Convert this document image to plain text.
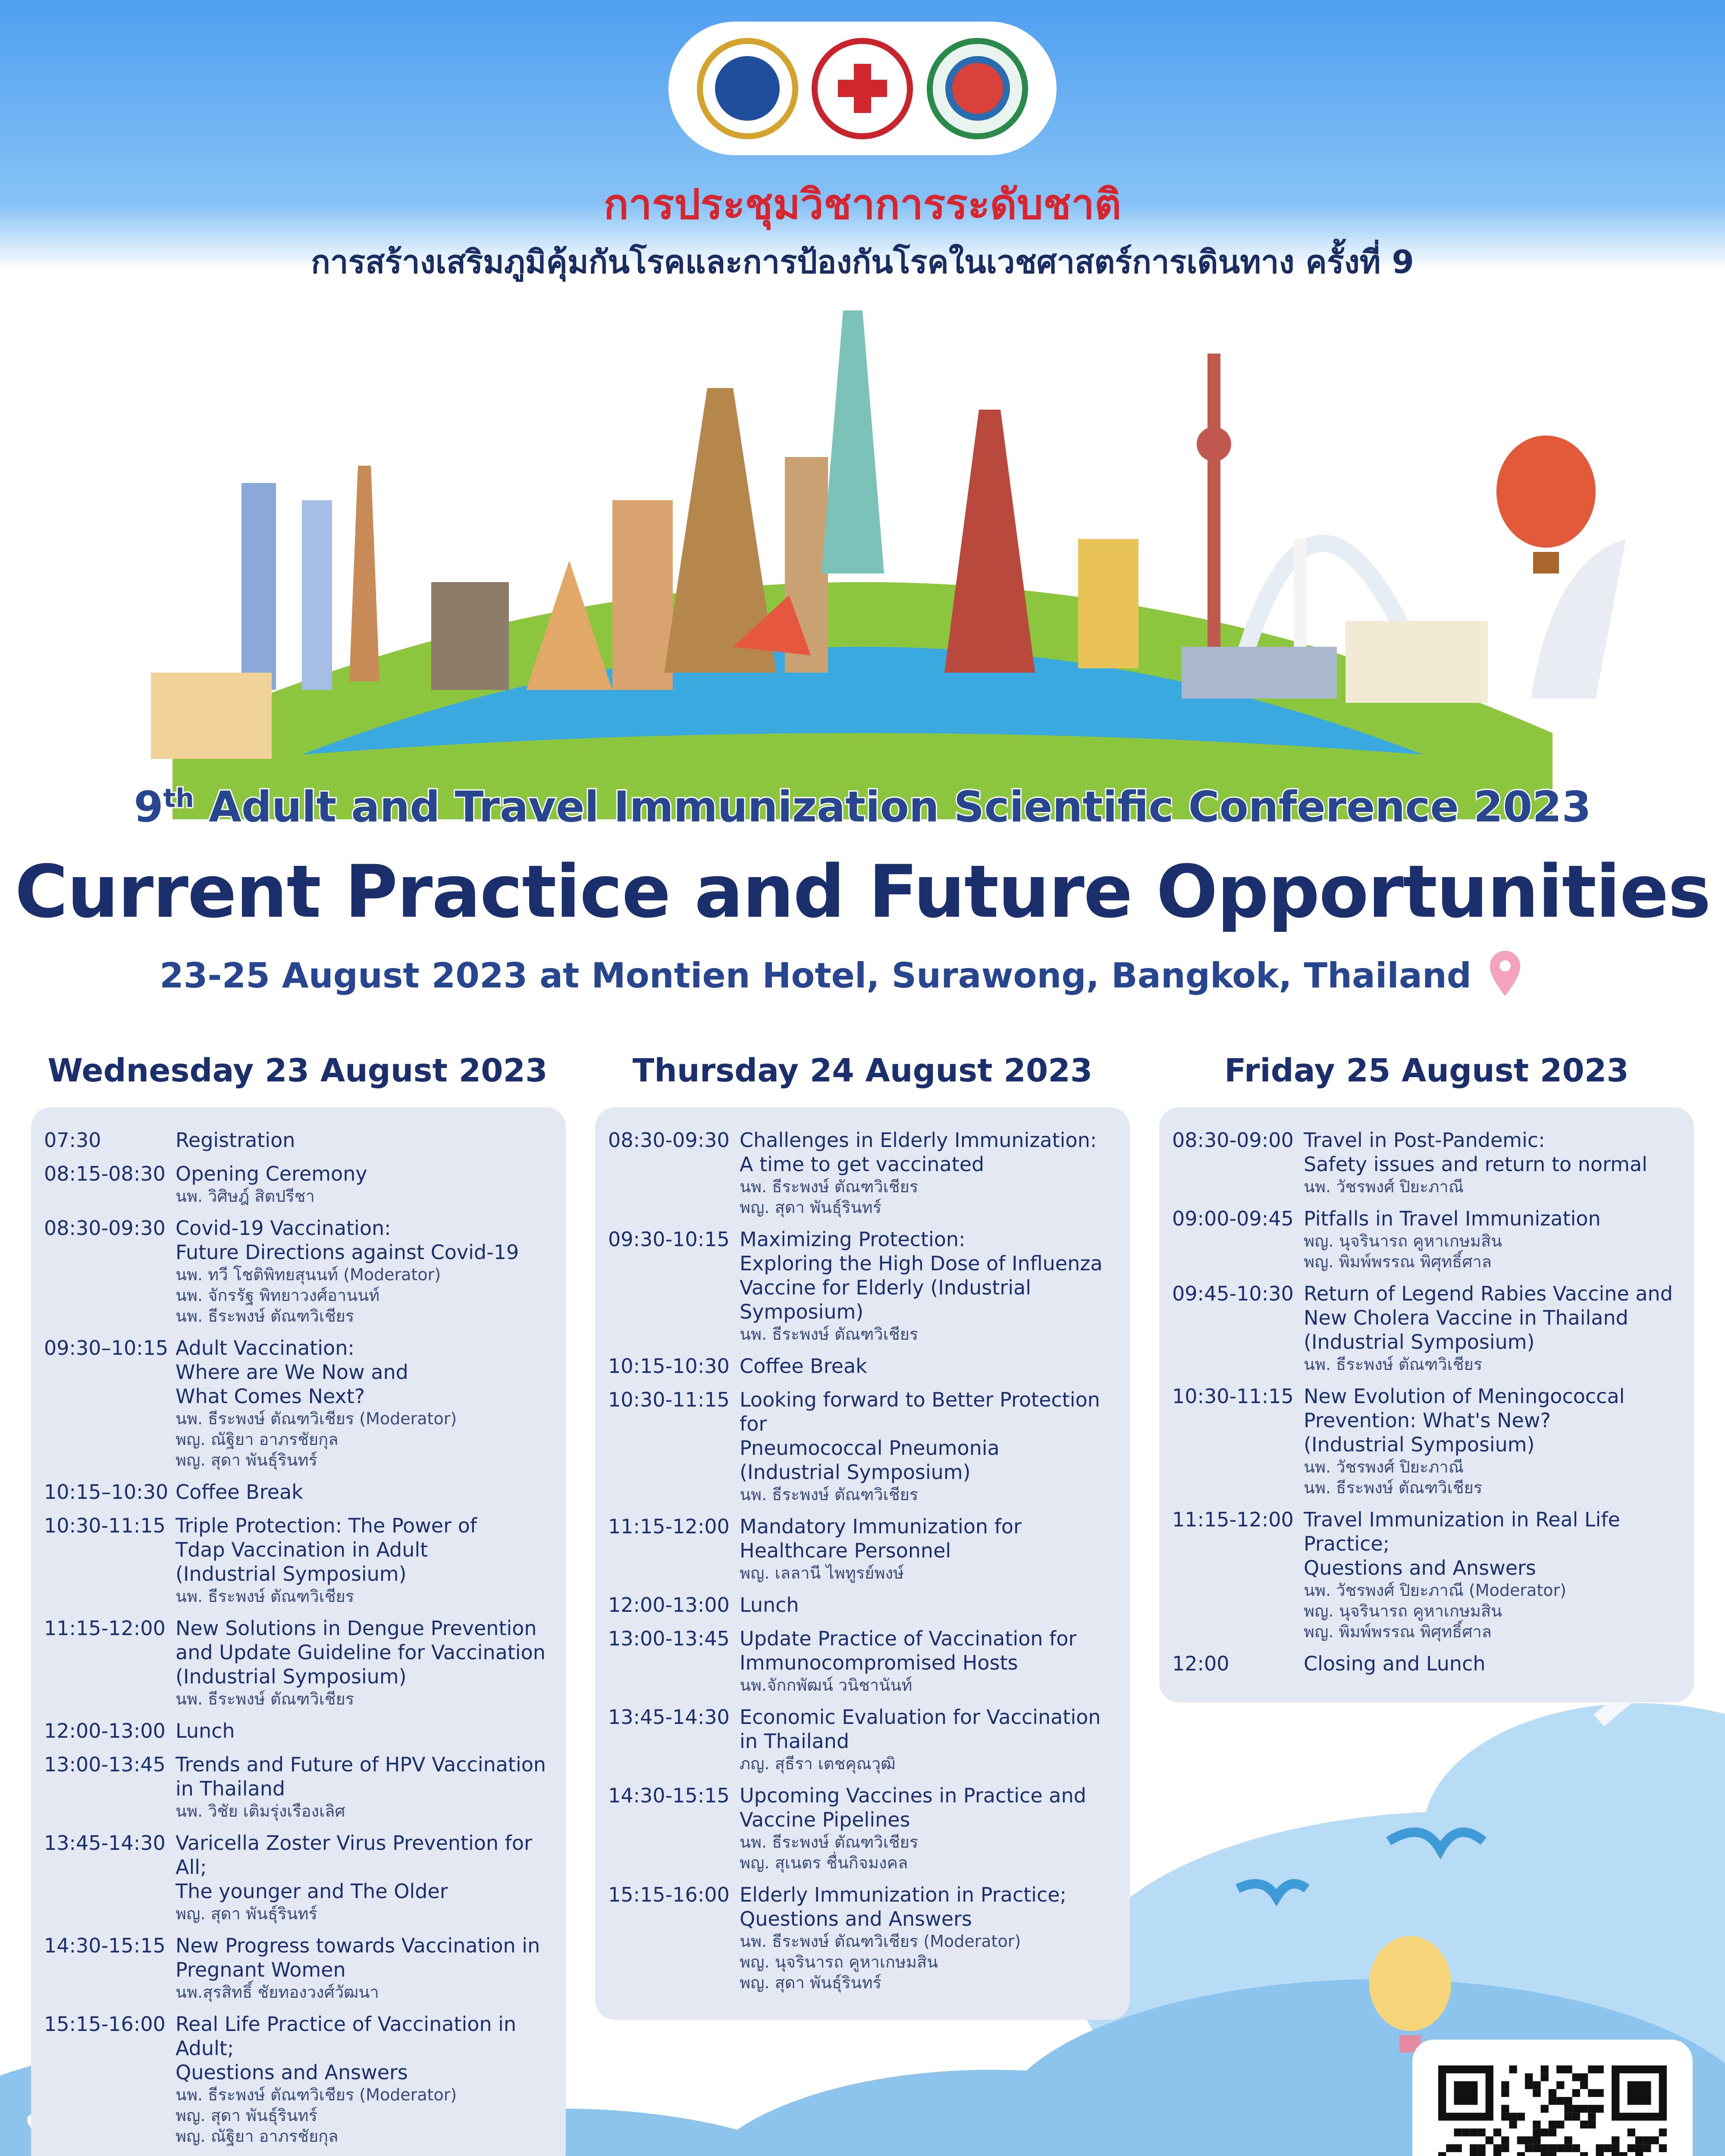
การประชุมวิชาการระดับชาติ
การสร้างเสริมภูมิคุ้มกันโรคและการป้องกันโรคในเวชศาสตร์การเดินทาง ครั้งที่ 9
9th Adult and Travel Immunization Scientific Conference 2023
Current Practice and Future Opportunities
23-25 August 2023 at Montien Hotel, Surawong, Bangkok, Thailand
Wednesday 23 August 2023	Thursday 24 August 2023	Friday 25 August 2023
07:30	Registration
08:15-08:30 Opening Ceremony
นพ. วิศิษฎ์ สิตปรีชา
08:30-09:30 Covid-19 Vaccination:
Future Directions against Covid-19
นพ. ทวี โชติพิทยสุนนท์ (Moderator)
นพ. จักรรัฐ พิทยาวงศ์อานนท์
นพ. ธีระพงษ์ ตัณฑวิเชียร
09:30–10:15 Adult Vaccination:
Where are We Now and
What Comes Next?
นพ. ธีระพงษ์ ตัณฑวิเชียร (Moderator)
พญ. ณัฐิยา อาภรชัยกุล
พญ. สุดา พันธุ์รินทร์
10:15–10:30 Coffee Break
10:30-11:15 Triple Protection: The Power of
Tdap Vaccination in Adult
(Industrial Symposium)
นพ. ธีระพงษ์ ตัณฑวิเชียร
11:15-12:00 New Solutions in Dengue Prevention
and Update Guideline for Vaccination
(Industrial Symposium)
นพ. ธีระพงษ์ ตัณฑวิเชียร
12:00-13:00 Lunch
13:00-13:45 Trends and Future of HPV Vaccination
in Thailand
นพ. วิชัย เติมรุ่งเรืองเลิศ
13:45-14:30 Varicella Zoster Virus Prevention for All;
The younger and The Older
พญ. สุดา พันธุ์รินทร์
14:30-15:15 New Progress towards Vaccination in
Pregnant Women
นพ.สุรสิทธิ์ ชัยทองวงศ์วัฒนา
15:15-16:00 Real Life Practice of Vaccination in Adult;
Questions and Answers
นพ. ธีระพงษ์ ตัณฑวิเชียร (Moderator)
พญ. สุดา พันธุ์รินทร์
พญ. ณัฐิยา อาภรชัยกุล
08:30-09:30 Challenges in Elderly Immunization:
A time to get vaccinated
นพ. ธีระพงษ์ ตัณฑวิเชียร
พญ. สุดา พันธุ์รินทร์
09:30-10:15 Maximizing Protection:
Exploring the High Dose of Influenza
Vaccine for Elderly (Industrial Symposium)
นพ. ธีระพงษ์ ตัณฑวิเชียร
10:15-10:30 Coffee Break
10:30-11:15 Looking forward to Better Protection for
Pneumococcal Pneumonia
(Industrial Symposium)
นพ. ธีระพงษ์ ตัณฑวิเชียร
11:15-12:00 Mandatory Immunization for
Healthcare Personnel
พญ. เลลานี ไพทูรย์พงษ์
12:00-13:00 Lunch
13:00-13:45 Update Practice of Vaccination for
Immunocompromised Hosts
นพ.จักกพัฒน์ วนิชานันท์
13:45-14:30 Economic Evaluation for Vaccination
in Thailand
ภญ. สุธีรา เตชคุณวุฒิ
14:30-15:15 Upcoming Vaccines in Practice and
Vaccine Pipelines
นพ. ธีระพงษ์ ตัณฑวิเชียร
พญ. สุเนตร ชื่นกิจมงคล
15:15-16:00 Elderly Immunization in Practice;
Questions and Answers
นพ. ธีระพงษ์ ตัณฑวิเชียร (Moderator)
พญ. นุจรินารถ คูหาเกษมสิน
พญ. สุดา พันธุ์รินทร์
08:30-09:00 Travel in Post-Pandemic:
Safety issues and return to normal
นพ. วัชรพงศ์ ปิยะภาณี
09:00-09:45 Pitfalls in Travel Immunization
พญ. นุจรินารถ คูหาเกษมสิน
พญ. พิมพ์พรรณ พิศุทธิ์ศาล
09:45-10:30 Return of Legend Rabies Vaccine and
New Cholera Vaccine in Thailand
(Industrial Symposium)
นพ. ธีระพงษ์ ตัณฑวิเชียร
10:30-11:15 New Evolution of Meningococcal
Prevention: What's New?
(Industrial Symposium)
นพ. วัชรพงศ์ ปิยะภาณี
นพ. ธีระพงษ์ ตัณฑวิเชียร
11:15-12:00 Travel Immunization in Real Life Practice;
Questions and Answers
นพ. วัชรพงศ์ ปิยะภาณี (Moderator)
พญ. นุจรินารถ คูหาเกษมสิน
พญ. พิมพ์พรรณ พิศุทธิ์ศาล
12:00	Closing and Lunch
